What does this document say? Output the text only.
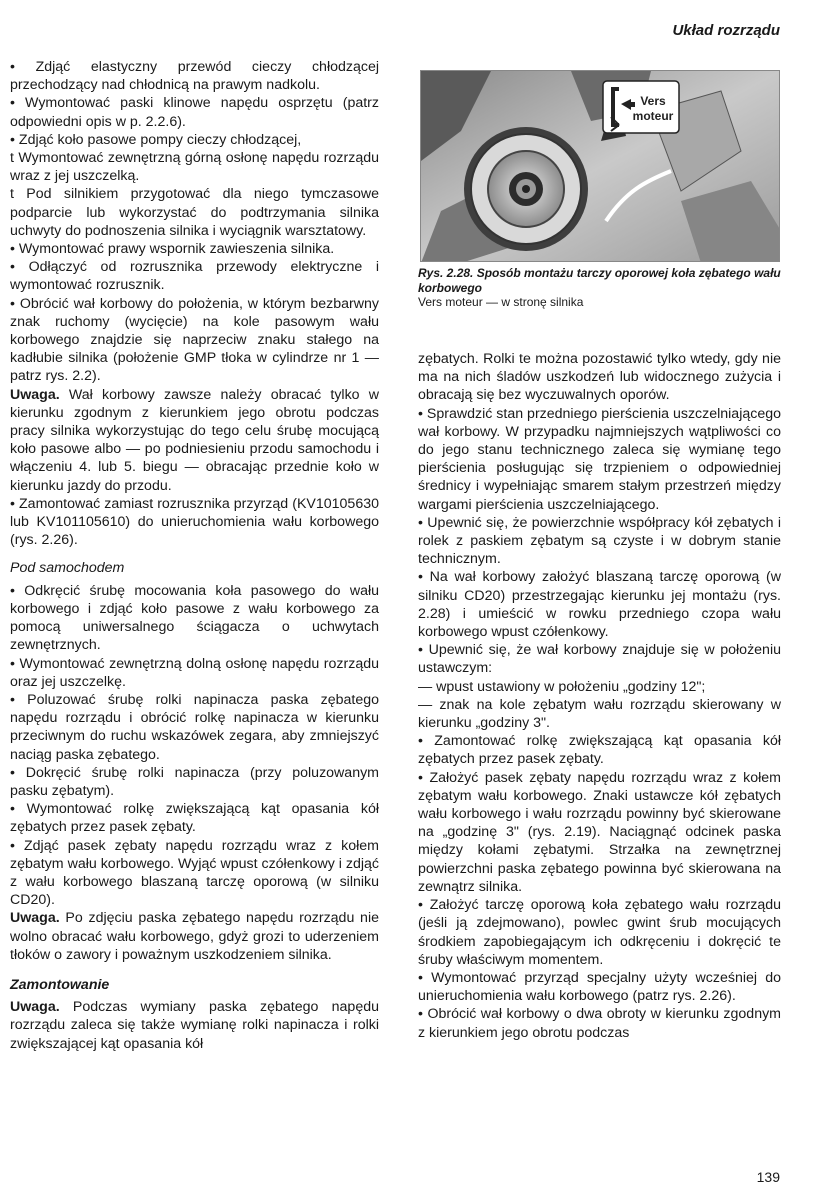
Układ rozrządu

• Zdjąć elastyczny przewód cieczy chłodzącej przechodzący nad chłodnicą na prawym nadkolu.

• Wymontować paski klinowe napędu osprzętu (patrz odpowiedni opis w p. 2.2.6).

• Zdjąć koło pasowe pompy cieczy chłodzącej,

t Wymontować zewnętrzną górną osłonę napędu rozrządu wraz z jej uszczelką.

t Pod silnikiem przygotować dla niego tymczasowe podparcie lub wykorzystać do podtrzymania silnika uchwyty do podnoszenia silnika i wyciągnik warsztatowy.

• Wymontować prawy wspornik zawieszenia silnika.

• Odłączyć od rozrusznika przewody elektryczne i wymontować rozrusznik.

• Obrócić wał korbowy do położenia, w którym bezbarwny znak ruchomy (wycięcie) na kole pasowym wału korbowego znajdzie się naprzeciw znaku stałego na kadłubie silnika (położenie GMP tłoka w cylindrze nr 1 — patrz rys. 2.2).

Uwaga. Wał korbowy zawsze należy obracać tylko w kierunku zgodnym z kierunkiem jego obrotu podczas pracy silnika wykorzystując do tego celu śrubę mocującą koło pasowe albo — po podniesieniu przodu samochodu i włączeniu 4. lub 5. biegu — obracając przednie koło w kierunku jazdy do przodu.

• Zamontować zamiast rozrusznika przyrząd (KV10105630 lub KV101105610) do unieruchomienia wału korbowego (rys. 2.26).

Pod samochodem

• Odkręcić śrubę mocowania koła pasowego do wału korbowego i zdjąć koło pasowe z wału korbowego za pomocą uniwersalnego ściągacza o uchwytach zewnętrznych.

• Wymontować zewnętrzną dolną osłonę napędu rozrządu oraz jej uszczelkę.

• Poluzować śrubę rolki napinacza paska zębatego napędu rozrządu i obrócić rolkę napinacza w kierunku przeciwnym do ruchu wskazówek zegara, aby zmniejszyć naciąg paska zębatego.

• Dokręcić śrubę rolki napinacza (przy poluzowanym pasku zębatym).

• Wymontować rolkę zwiększającą kąt opasania kół zębatych przez pasek zębaty.

• Zdjąć pasek zębaty napędu rozrządu wraz z kołem zębatym wału korbowego. Wyjąć wpust czółenkowy i zdjąć z wału korbowego blaszaną tarczę oporową (w silniku CD20).

Uwaga. Po zdjęciu paska zębatego napędu rozrządu nie wolno obracać wału korbowego, gdyż grozi to uderzeniem tłoków o zawory i poważnym uszkodzeniem silnika.

Zamontowanie

Uwaga. Podczas wymiany paska zębatego napędu rozrządu zaleca się także wymianę rolki napinacza i rolki zwiększającej kąt opasania kół

Vers
moteur
Rys. 2.28. Sposób montażu tarczy oporowej koła zębatego wału korbowego
Vers moteur — w stronę silnika

zębatych. Rolki te można pozostawić tylko wtedy, gdy nie ma na nich śladów uszkodzeń lub widocznego zużycia i obracają się bez wyczuwalnych oporów.

• Sprawdzić stan przedniego pierścienia uszczelniającego wał korbowy. W przypadku najmniejszych wątpliwości co do jego stanu technicznego zaleca się wymianę tego pierścienia posługując się trzpieniem o odpowiedniej średnicy i wypełniając smarem stałym przestrzeń między wargami pierścienia uszczelniającego.

• Upewnić się, że powierzchnie współpracy kół zębatych i rolek z paskiem zębatym są czyste i w dobrym stanie technicznym.

• Na wał korbowy założyć blaszaną tarczę oporową (w silniku CD20) przestrzegając kierunku jej montażu (rys. 2.28) i umieścić w rowku przedniego czopa wału korbowego wpust czółenkowy.

• Upewnić się, że wał korbowy znajduje się w położeniu ustawczym:

— wpust ustawiony w położeniu „godziny 12";

— znak na kole zębatym wału rozrządu skierowany w kierunku „godziny 3".

• Zamontować rolkę zwiększającą kąt opasania kół zębatych przez pasek zębaty.

• Założyć pasek zębaty napędu rozrządu wraz z kołem zębatym wału korbowego. Znaki ustawcze kół zębatych wału korbowego i wału rozrządu powinny być skierowane na „godzinę 3" (rys. 2.19). Naciągnąć odcinek paska między kołami zębatymi. Strzałka na zewnętrznej powierzchni paska zębatego powinna być skierowana na zewnątrz silnika.

• Założyć tarczę oporową koła zębatego wału rozrządu (jeśli ją zdejmowano), powlec gwint śrub mocujących środkiem zapobiegającym ich odkręceniu i dokręcić te śruby właściwym momentem.

• Wymontować przyrząd specjalny użyty wcześniej do unieruchomienia wału korbowego (patrz rys. 2.26).

• Obrócić wał korbowy o dwa obroty w kierunku zgodnym z kierunkiem jego obrotu podczas

139
